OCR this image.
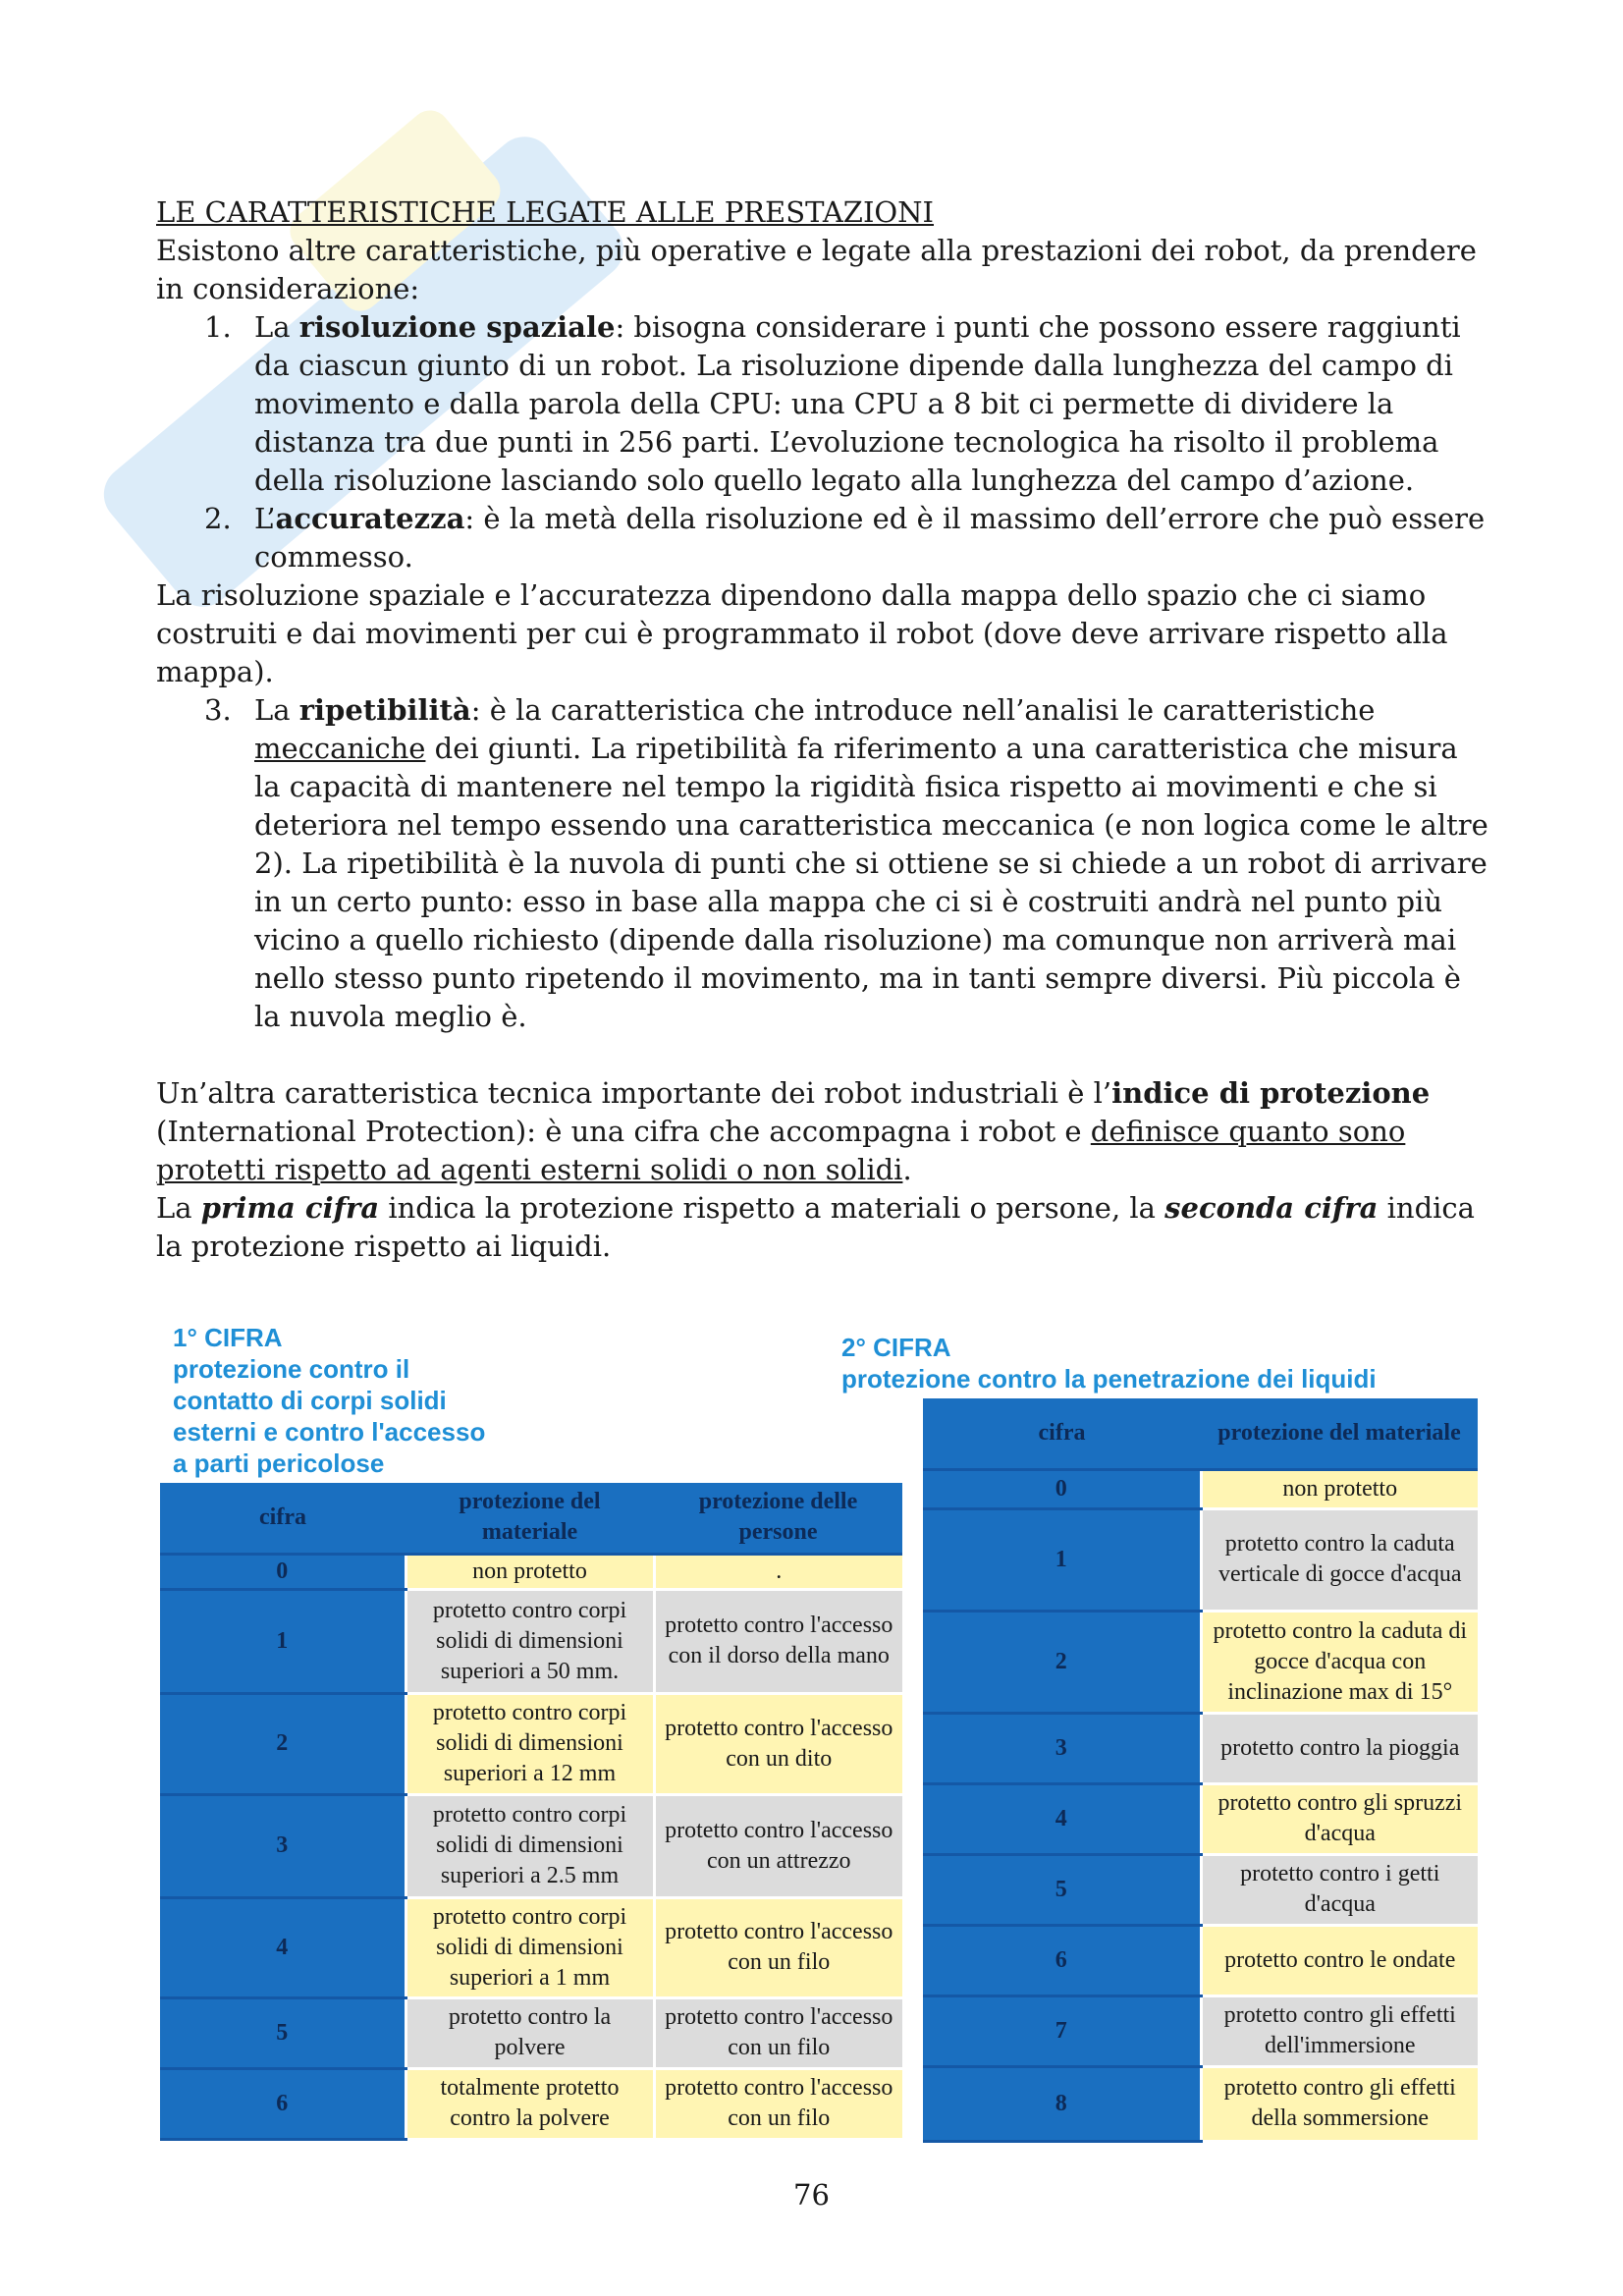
LE CARATTERISTICHE LEGATE ALLE PRESTAZIONI

Esistono altre caratteristiche, più operative e legate alla prestazioni dei robot, da prendere in considerazione:

1. La risoluzione spaziale: bisogna considerare i punti che possono essere raggiunti da ciascun giunto di un robot. La risoluzione dipende dalla lunghezza del campo di movimento e dalla parola della CPU: una CPU a 8 bit ci permette di dividere la distanza tra due punti in 256 parti. L’evoluzione tecnologica ha risolto il problema della risoluzione lasciando solo quello legato alla lunghezza del campo d’azione.
2. L’accuratezza: è la metà della risoluzione ed è il massimo dell’errore che può essere commesso.

La risoluzione spaziale e l’accuratezza dipendono dalla mappa dello spazio che ci siamo costruiti e dai movimenti per cui è programmato il robot (dove deve arrivare rispetto alla mappa).

3. La ripetibilità: è la caratteristica che introduce nell’analisi le caratteristiche meccaniche dei giunti. La ripetibilità fa riferimento a una caratteristica che misura la capacità di mantenere nel tempo la rigidità fisica rispetto ai movimenti e che si deteriora nel tempo essendo una caratteristica meccanica (e non logica come le altre 2). La ripetibilità è la nuvola di punti che si ottiene se si chiede a un robot di arrivare in un certo punto: esso in base alla mappa che ci si è costruiti andrà nel punto più vicino a quello richiesto (dipende dalla risoluzione) ma comunque non arriverà mai nello stesso punto ripetendo il movimento, ma in tanti sempre diversi. Più piccola è la nuvola meglio è.

Un’altra caratteristica tecnica importante dei robot industriali è l’indice di protezione (International Protection): è una cifra che accompagna i robot e definisce quanto sono protetti rispetto ad agenti esterni solidi o non solidi.

La prima cifra indica la protezione rispetto a materiali o persone, la seconda cifra indica la protezione rispetto ai liquidi.

1° CIFRA
protezione contro il
contatto di corpi solidi
esterni e contro l'accesso
a parti pericolose
cifra	protezione del materiale	protezione delle persone
0	non protetto	.
1	protetto contro corpi solidi di dimensioni superiori a 50 mm.	protetto contro l'accesso con il dorso della mano
2	protetto contro corpi solidi di dimensioni superiori a 12 mm	protetto contro l'accesso con un dito
3	protetto contro corpi solidi di dimensioni superiori a 2.5 mm	protetto contro l'accesso con un attrezzo
4	protetto contro corpi solidi di dimensioni superiori a 1 mm	protetto contro l'accesso con un filo
5	protetto contro la polvere	protetto contro l'accesso con un filo
6	totalmente protetto contro la polvere	protetto contro l'accesso con un filo
2° CIFRA
protezione contro la penetrazione dei liquidi
cifra	protezione del materiale
0	non protetto
1	protetto contro la caduta verticale di gocce d'acqua
2	protetto contro la caduta di gocce d'acqua con inclinazione max di 15°
3	protetto contro la pioggia
4	protetto contro gli spruzzi d'acqua
5	protetto contro i getti d'acqua
6	protetto contro le ondate
7	protetto contro gli effetti dell'immersione
8	protetto contro gli effetti della sommersione
76
